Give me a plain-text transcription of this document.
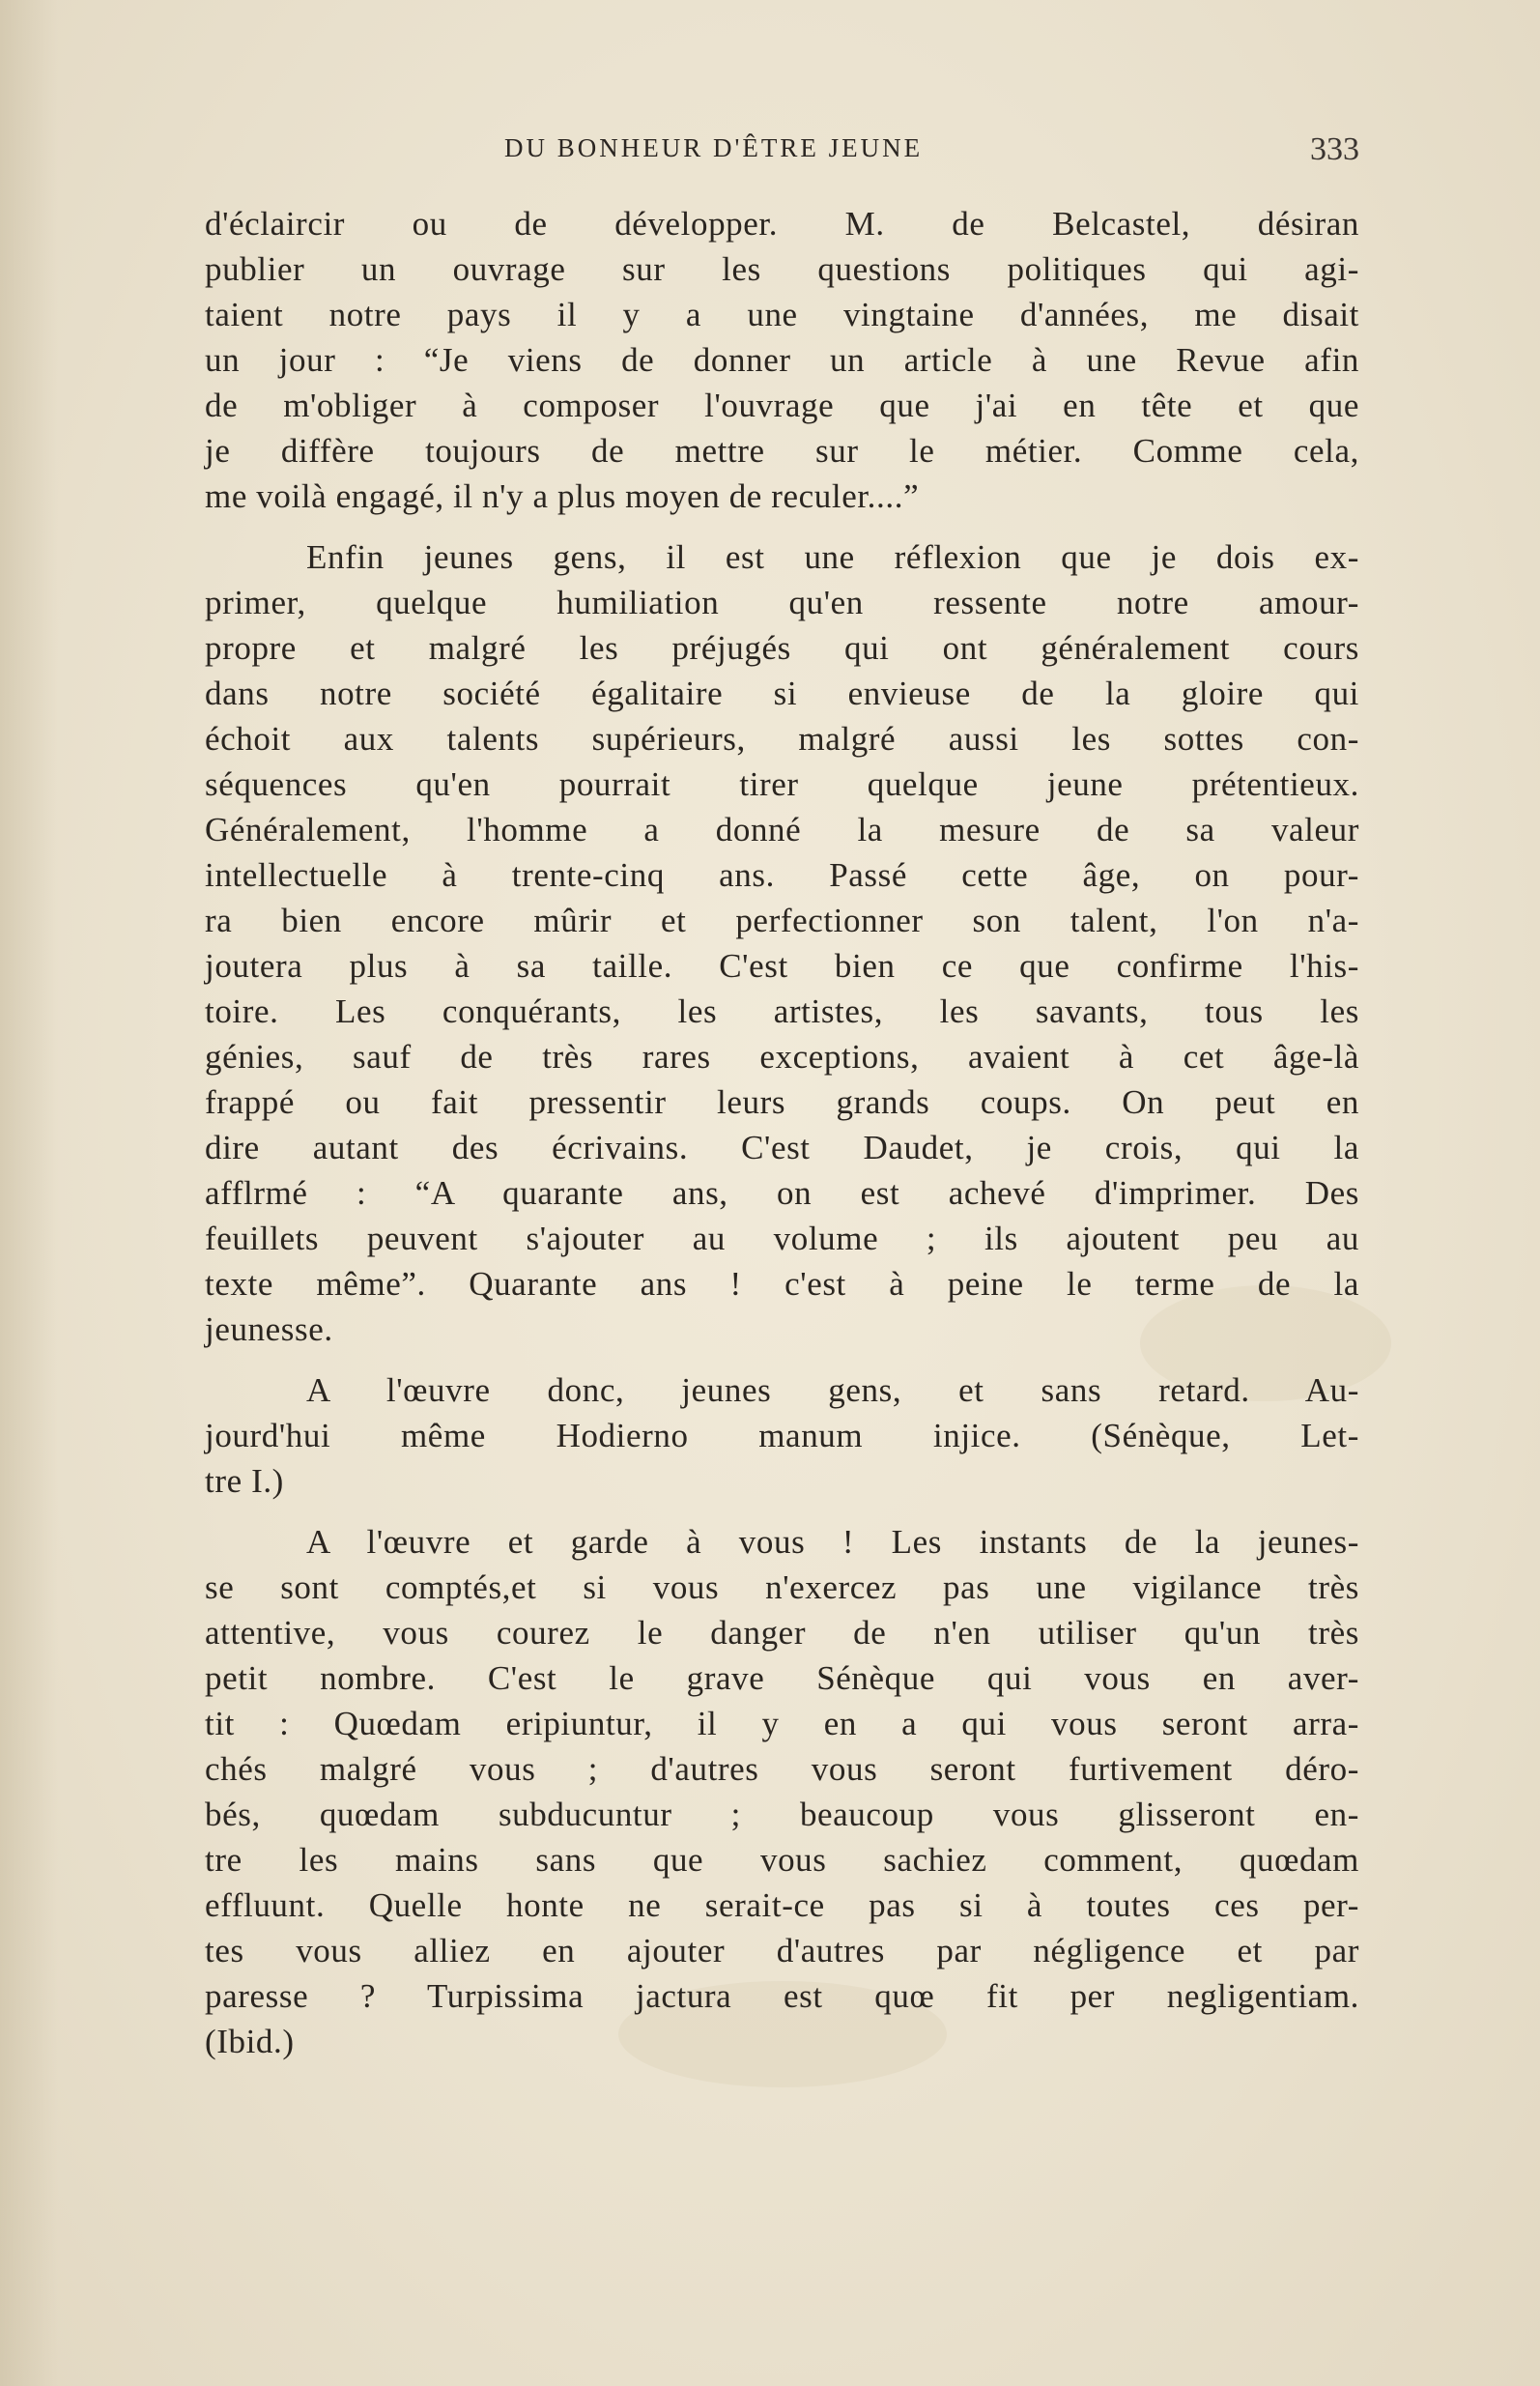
DU BONHEUR D'ÊTRE JEUNE	333
d'éclaircir ou de développer. M. de Belcastel, désiran
publier un ouvrage sur les questions politiques qui agi-
taient notre pays il y a une vingtaine d'années, me disait
un jour : “Je viens de donner un article à une Revue afin
de m'obliger à composer l'ouvrage que j'ai en tête et que
je diffère toujours de mettre sur le métier. Comme cela,
me voilà engagé, il n'y a plus moyen de reculer....”
Enfin jeunes gens, il est une réflexion que je dois ex-
primer, quelque humiliation qu'en ressente notre amour-
propre et malgré les préjugés qui ont généralement cours
dans notre société égalitaire si envieuse de la gloire qui
échoit aux talents supérieurs, malgré aussi les sottes con-
séquences qu'en pourrait tirer quelque jeune prétentieux.
Généralement, l'homme a donné la mesure de sa valeur
intellectuelle à trente-cinq ans. Passé cette âge, on pour-
ra bien encore mûrir et perfectionner son talent, l'on n'a-
joutera plus à sa taille. C'est bien ce que confirme l'his-
toire. Les conquérants, les artistes, les savants, tous les
génies, sauf de très rares exceptions, avaient à cet âge-là
frappé ou fait pressentir leurs grands coups. On peut en
dire autant des écrivains. C'est Daudet, je crois, qui la
afflrmé : “A quarante ans, on est achevé d'imprimer. Des
feuillets peuvent s'ajouter au volume ; ils ajoutent peu au
texte même”. Quarante ans ! c'est à peine le terme de la
jeunesse.
A l'œuvre donc, jeunes gens, et sans retard. Au-
jourd'hui même Hodierno manum injice. (Sénèque, Let-
tre I.)
A l'œuvre et garde à vous ! Les instants de la jeunes-
se sont comptés,et si vous n'exercez pas une vigilance très
attentive, vous courez le danger de n'en utiliser qu'un très
petit nombre. C'est le grave Sénèque qui vous en aver-
tit : Quœdam eripiuntur, il y en a qui vous seront arra-
chés malgré vous ; d'autres vous seront furtivement déro-
bés, quœdam subducuntur ; beaucoup vous glisseront en-
tre les mains sans que vous sachiez comment, quœdam
effluunt. Quelle honte ne serait-ce pas si à toutes ces per-
tes vous alliez en ajouter d'autres par négligence et par
paresse ? Turpissima jactura est quœ fit per negligentiam.
(Ibid.)
